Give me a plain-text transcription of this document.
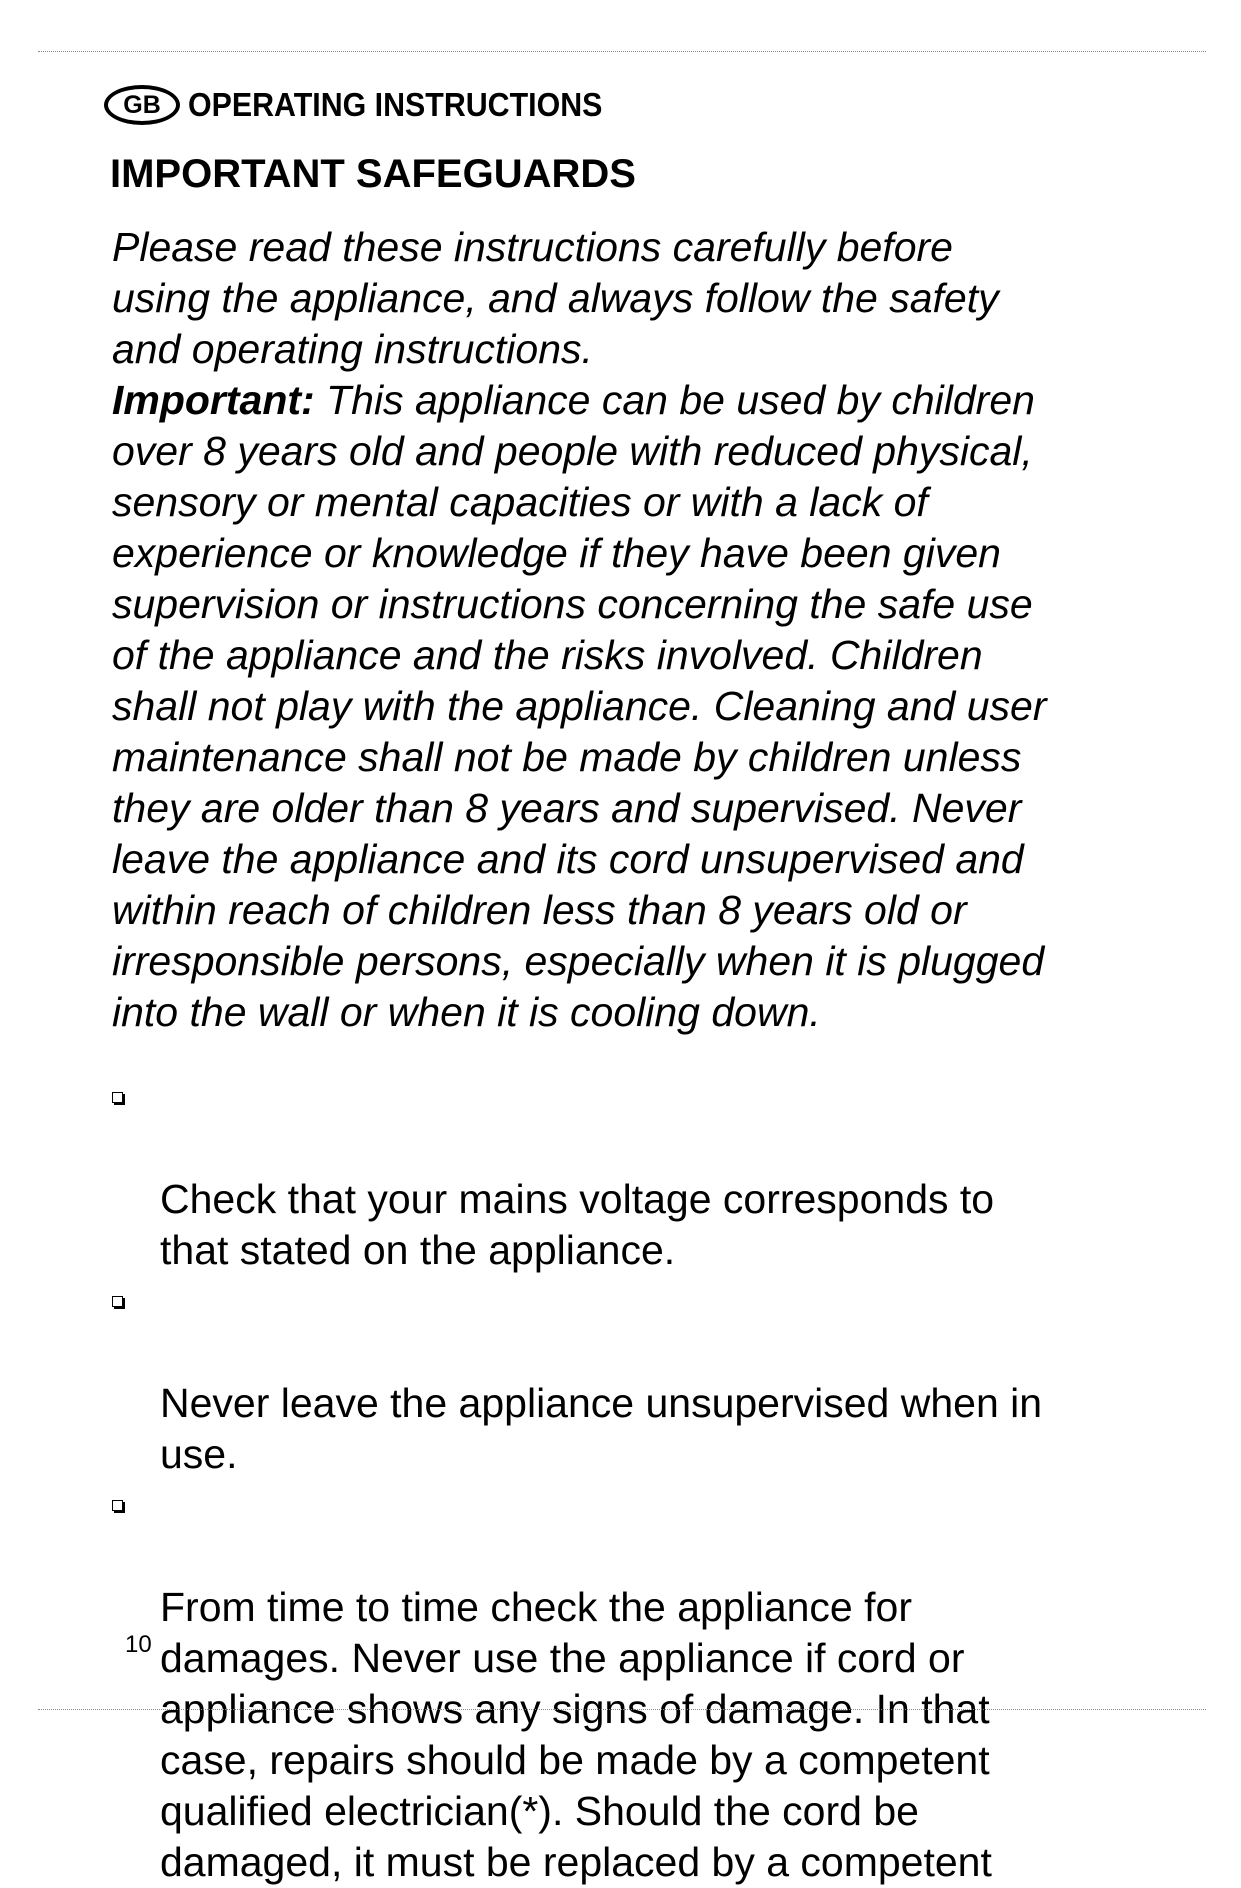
GB OPERATING INSTRUCTIONS
IMPORTANT SAFEGUARDS

Please read these instructions carefully before
using the appliance, and always follow the safety
and operating instructions.
Important: This appliance can be used by children
over 8 years old and people with reduced physical,
sensory or mental capacities or with a lack of
experience or knowledge if they have been given
supervision or instructions concerning the safe use
of the appliance and the risks involved. Children
shall not play with the appliance. Cleaning and user
maintenance shall not be made by children unless
they are older than 8 years and supervised. Never
leave the appliance and its cord unsupervised and
within reach of children less than 8 years old or
irresponsible persons, especially when it is plugged
into the wall or when it is cooling down.

Check that your mains voltage corresponds to
that stated on the appliance.

Never leave the appliance unsupervised when in
use.

From time to time check the appliance for
damages. Never use the appliance if cord or
appliance shows any signs of damage. In that
case, repairs should be made by a competent
qualified electrician(*). Should the cord be
damaged, it must be replaced by a competent

10
